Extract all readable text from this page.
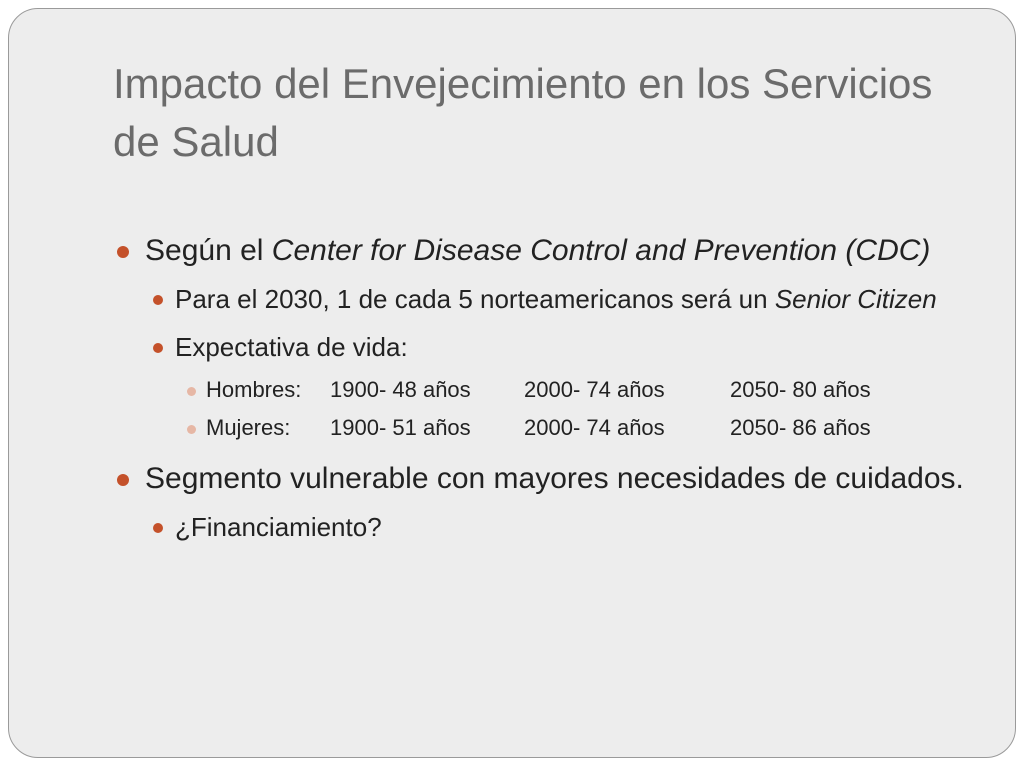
Impacto del Envejecimiento en los Servicios de Salud
Según el Center for Disease Control and Prevention (CDC)
Para el 2030, 1 de cada 5 norteamericanos será un Senior Citizen
Expectativa de vida:
Hombres: 1900- 48 años 2000- 74 años	2050- 80 años
Mujeres: 1900- 51 años 2000- 74 años	2050- 86 años
Segmento vulnerable con mayores necesidades de cuidados.
¿Financiamiento?
